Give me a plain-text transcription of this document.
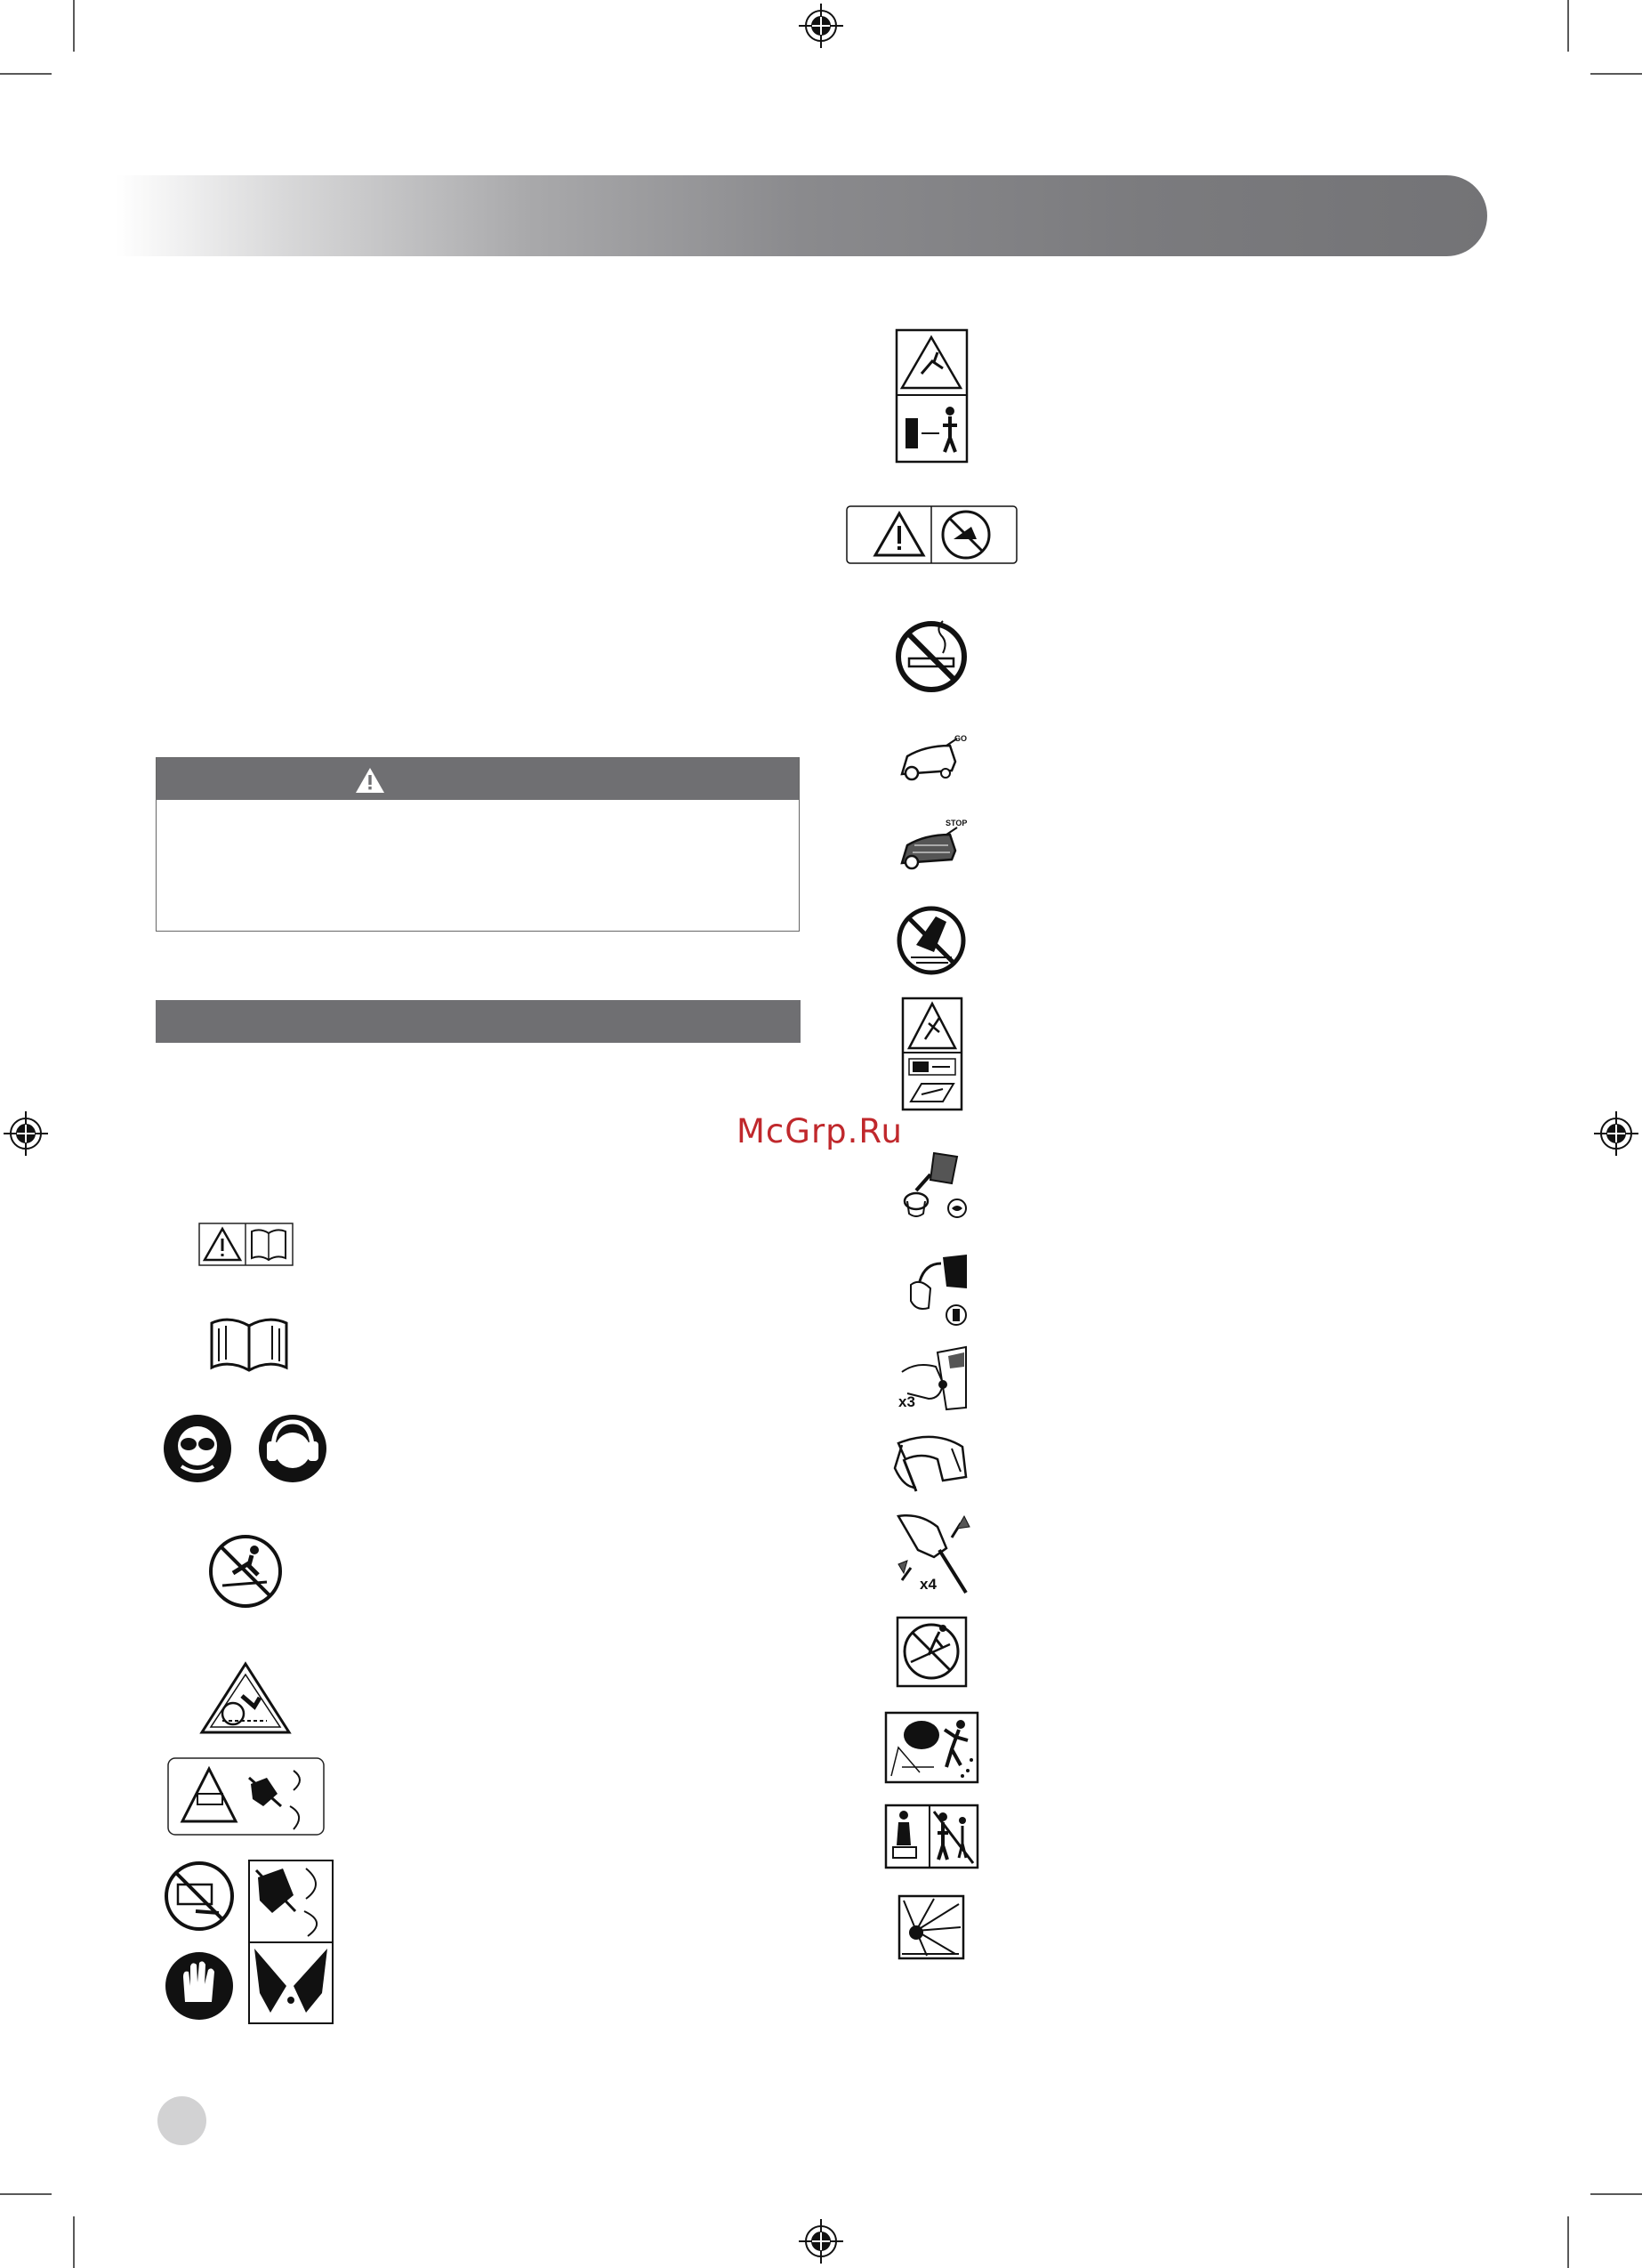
McGrp.Ru
GO
STOP
x3
x4
